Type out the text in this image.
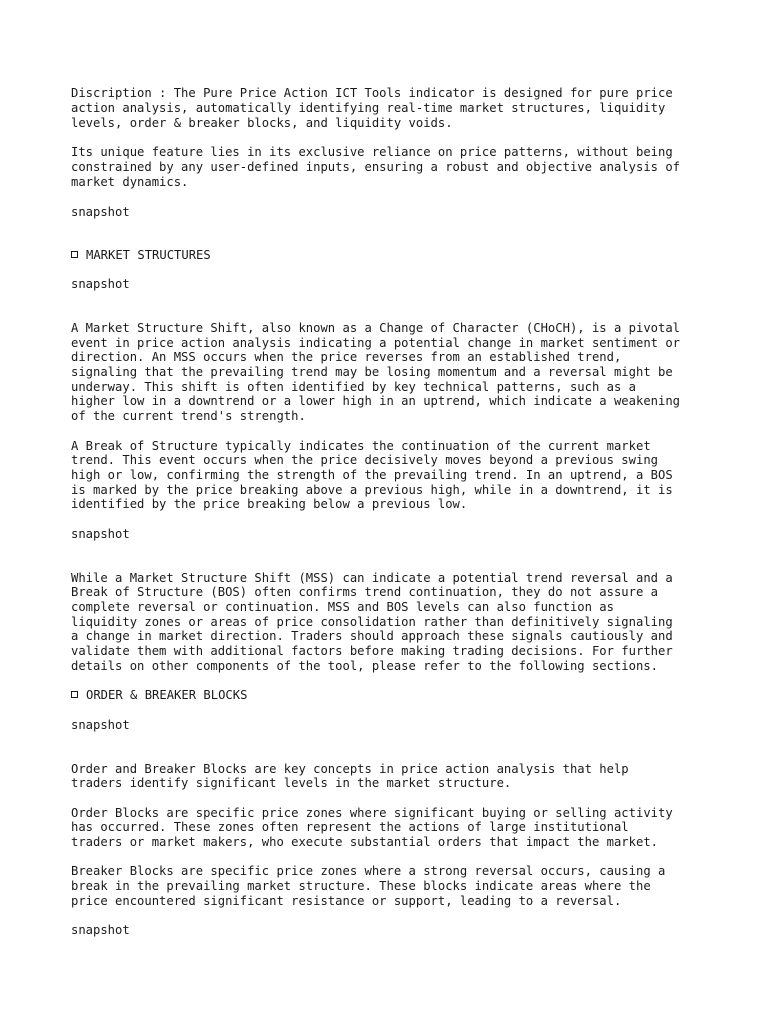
Discription : The Pure Price Action ICT Tools indicator is designed for pure price

action analysis, automatically identifying real-time market structures, liquidity

levels, order & breaker blocks, and liquidity voids.

Its unique feature lies in its exclusive reliance on price patterns, without being

constrained by any user-defined inputs, ensuring a robust and objective analysis of

market dynamics.

snapshot

MARKET STRUCTURES

snapshot

A Market Structure Shift, also known as a Change of Character (CHoCH), is a pivotal

event in price action analysis indicating a potential change in market sentiment or

direction. An MSS occurs when the price reverses from an established trend,

signaling that the prevailing trend may be losing momentum and a reversal might be

underway. This shift is often identified by key technical patterns, such as a

higher low in a downtrend or a lower high in an uptrend, which indicate a weakening

of the current trend's strength.

A Break of Structure typically indicates the continuation of the current market

trend. This event occurs when the price decisively moves beyond a previous swing

high or low, confirming the strength of the prevailing trend. In an uptrend, a BOS

is marked by the price breaking above a previous high, while in a downtrend, it is

identified by the price breaking below a previous low.

snapshot

While a Market Structure Shift (MSS) can indicate a potential trend reversal and a

Break of Structure (BOS) often confirms trend continuation, they do not assure a

complete reversal or continuation. MSS and BOS levels can also function as

liquidity zones or areas of price consolidation rather than definitively signaling

a change in market direction. Traders should approach these signals cautiously and

validate them with additional factors before making trading decisions. For further

details on other components of the tool, please refer to the following sections.

ORDER & BREAKER BLOCKS

snapshot

Order and Breaker Blocks are key concepts in price action analysis that help

traders identify significant levels in the market structure.

Order Blocks are specific price zones where significant buying or selling activity

has occurred. These zones often represent the actions of large institutional

traders or market makers, who execute substantial orders that impact the market.

Breaker Blocks are specific price zones where a strong reversal occurs, causing a

break in the prevailing market structure. These blocks indicate areas where the

price encountered significant resistance or support, leading to a reversal.

snapshot
